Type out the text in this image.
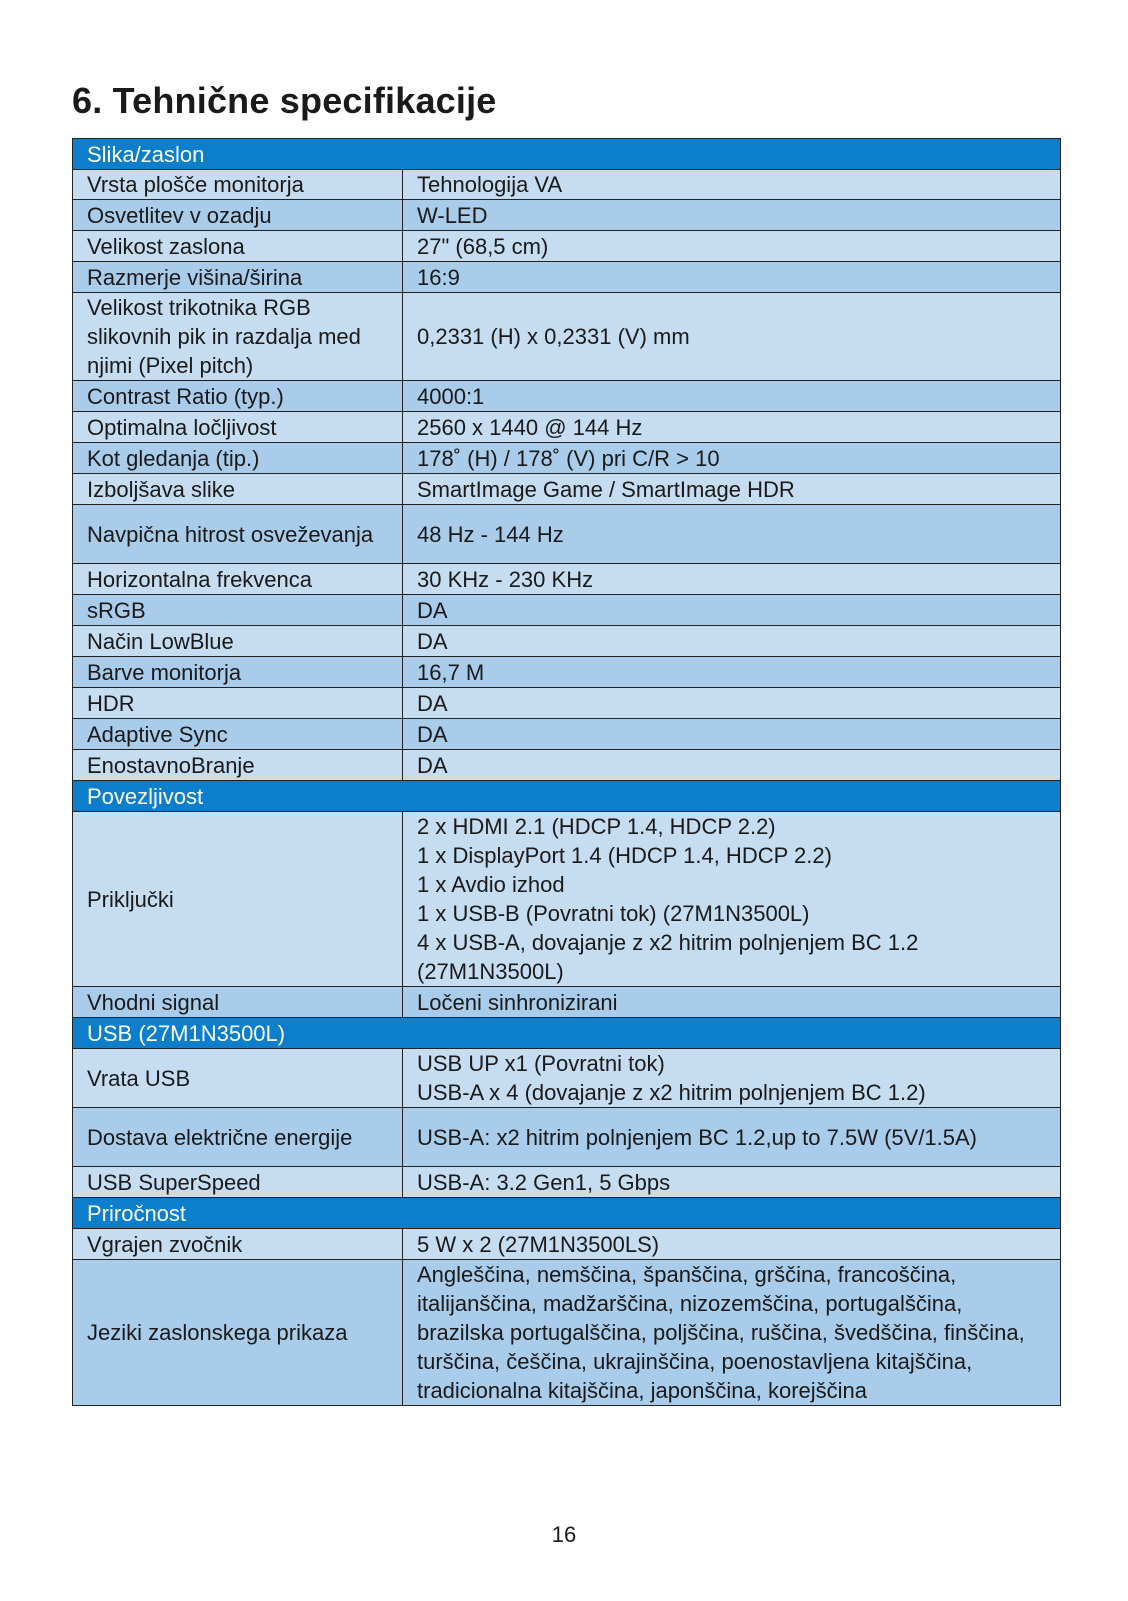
6. Tehnične specifikacije
Slika/zaslon	
Vrsta plošče monitorja	Tehnologija VA
Osvetlitev v ozadju	W-LED
Velikost zaslona	27" (68,5 cm)
Razmerje višina/širina	16:9
Velikost trikotnika RGB slikovnih pik in razdalja med njimi (Pixel pitch)	0,2331 (H) x 0,2331 (V) mm
Contrast Ratio (typ.)	4000:1
Optimalna ločljivost	2560 x 1440 @ 144 Hz
Kot gledanja (tip.)	178˚ (H) / 178˚ (V) pri C/R > 10
Izboljšava slike	SmartImage Game / SmartImage HDR
Navpična hitrost osveževanja	48 Hz - 144 Hz
Horizontalna frekvenca	30 KHz - 230 KHz
sRGB	DA
Način LowBlue	DA
Barve monitorja	16,7 M
HDR	DA
Adaptive Sync	DA
EnostavnoBranje	DA
Povezljivost	
Priključki	2 x HDMI 2.1 (HDCP 1.4, HDCP 2.2)
1 x DisplayPort 1.4 (HDCP 1.4, HDCP 2.2)
1 x Avdio izhod
1 x USB-B (Povratni tok) (27M1N3500L)
4 x USB-A, dovajanje z x2 hitrim polnjenjem BC 1.2 (27M1N3500L)
Vhodni signal	Ločeni sinhronizirani
USB (27M1N3500L)	
Vrata USB	USB UP x1 (Povratni tok)
USB-A x 4 (dovajanje z x2 hitrim polnjenjem BC 1.2)
Dostava električne energije	USB-A: x2 hitrim polnjenjem BC 1.2,up to 7.5W (5V/1.5A)
USB SuperSpeed	USB-A: 3.2 Gen1, 5 Gbps
Priročnost	
Vgrajen zvočnik	5 W x 2 (27M1N3500LS)
Jeziki zaslonskega prikaza	Angleščina, nemščina, španščina, grščina, francoščina, italijanščina, madžarščina, nizozemščina, portugalščina, brazilska portugalščina, poljščina, ruščina, švedščina, finščina, turščina, češčina, ukrajinščina, poenostavljena kitajščina, tradicionalna kitajščina, japonščina, korejščina
16
